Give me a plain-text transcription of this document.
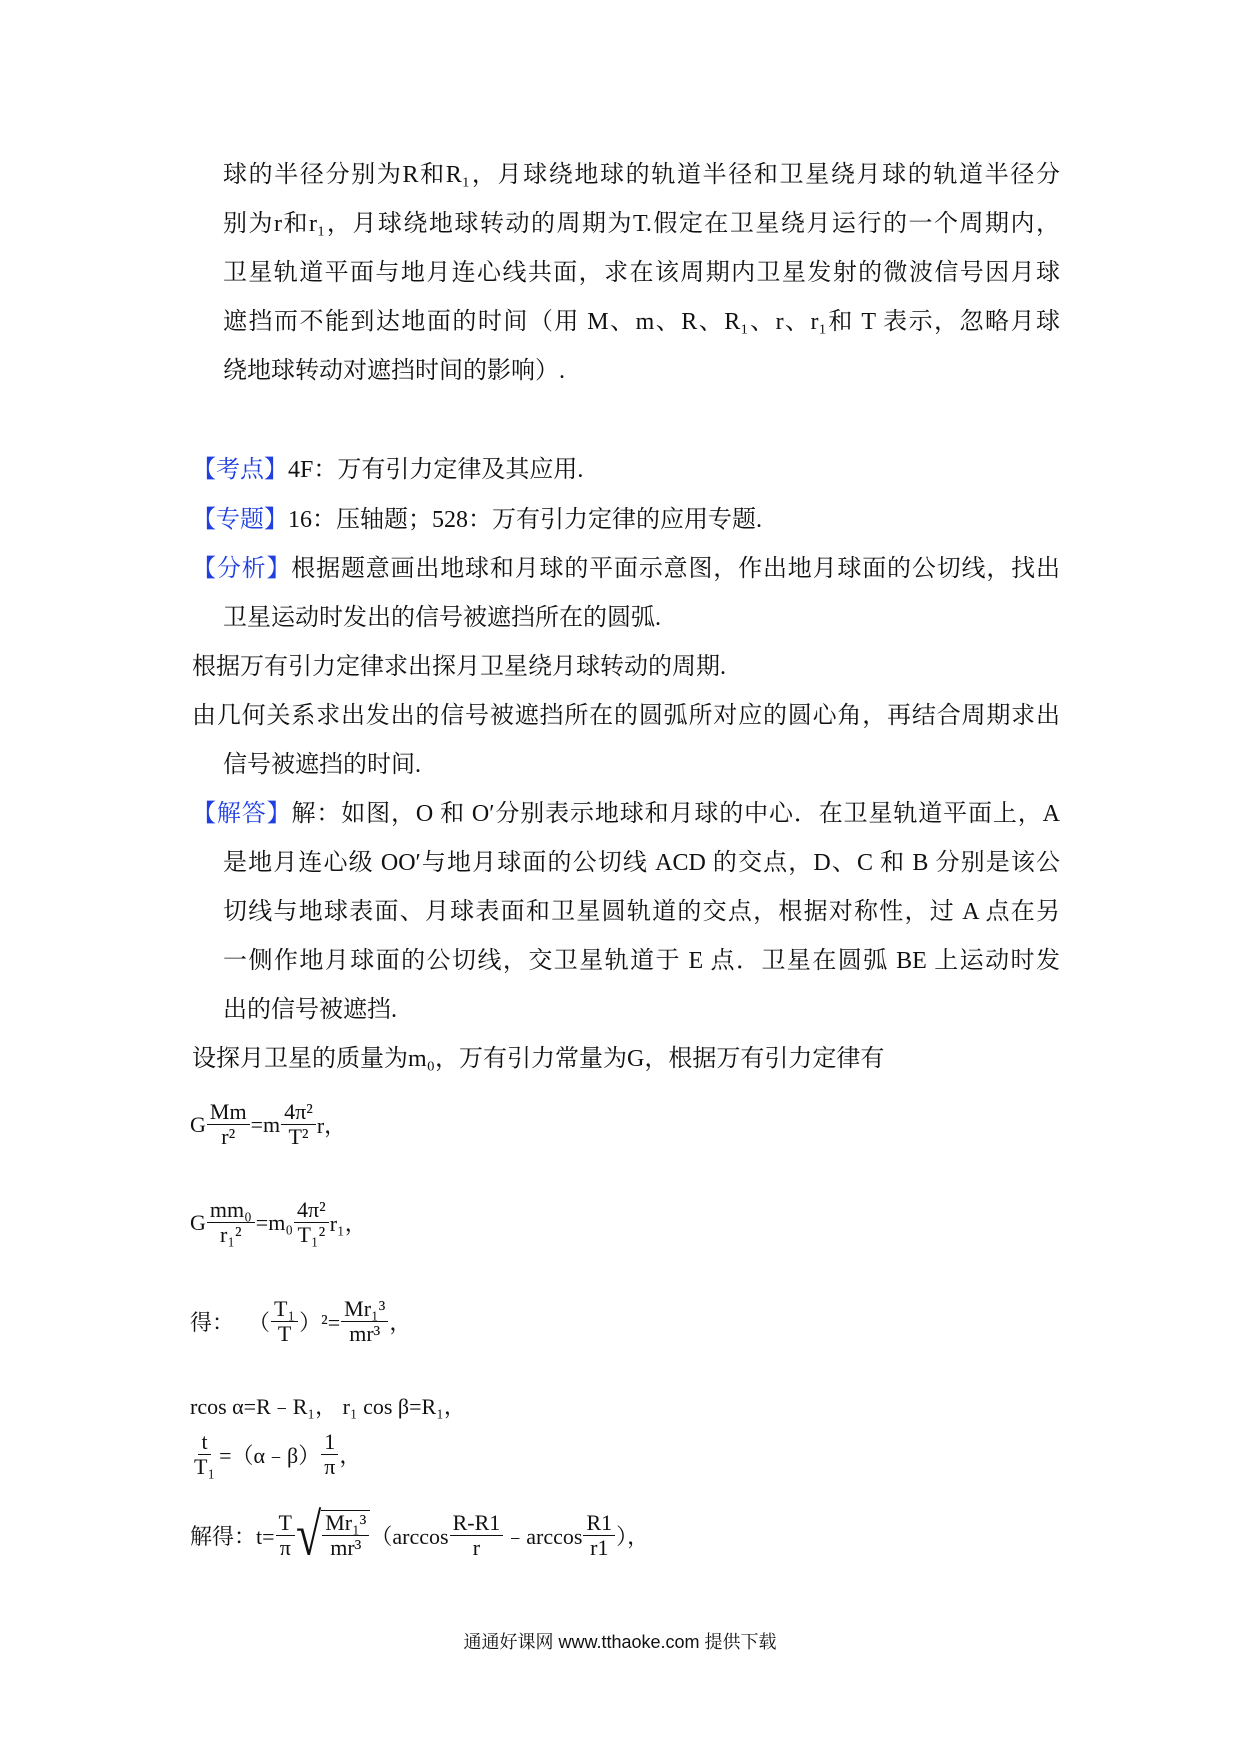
球的半径分别为R和R₁，月球绕地球的轨道半径和卫星绕月球的轨道半径分
别为r和r₁，月球绕地球转动的周期为T.假定在卫星绕月运行的一个周期内，
卫星轨道平面与地月连心线共面，求在该周期内卫星发射的微波信号因月球
遮挡而不能到达地面的时间（用 M、m、R、R₁、r、r₁和 T 表示，忽略月球
绕地球转动对遮挡时间的影响）.
【考点】4F：万有引力定律及其应用.
【专题】16：压轴题；528：万有引力定律的应用专题.
【分析】根据题意画出地球和月球的平面示意图，作出地月球面的公切线，找出
卫星运动时发出的信号被遮挡所在的圆弧.
根据万有引力定律求出探月卫星绕月球转动的周期.
由几何关系求出发出的信号被遮挡所在的圆弧所对应的圆心角，再结合周期求出
信号被遮挡的时间.
【解答】解：如图，O 和 O′分别表示地球和月球的中心．在卫星轨道平面上，A
是地月连心级 OO′与地月球面的公切线 ACD 的交点，D、C 和 B 分别是该公
切线与地球表面、月球表面和卫星圆轨道的交点，根据对称性，过 A 点在另
一侧作地月球面的公切线，交卫星轨道于 E 点．卫星在圆弧 BE 上运动时发
出的信号被遮挡.
设探月卫星的质量为m₀，万有引力常量为G，根据万有引力定律有
G $\frac{Mm}{\text{r²}} =m \frac{\text{4π²}}{\text{T²}}$ r，
G $\frac{\text{mm₀}}{\text{r₁²}} =m_0 \frac{\text{4π²}}{\text{T₁²}} r_1$，
得： （ $\frac{\text{T₁}}{T} )^2= \frac{\text{Mr₁³}}{\text{mr³}}$ ，
rcos α=R﹣R₁， r₁ cos β=R₁，
$\frac{t}{\text{T₁}}$ =（α﹣β） $\frac{1}{\pi}$ ，
解得：$t= \frac{T}{\pi}$ √ $\frac{\text{Mr₁³}}{\text{mr³}} (\arccos \frac{R-R1}{r}$ ﹣arccos $\frac{R1}{r1}$ ），
通通好课网 www.tthaoke.com 提供下载
